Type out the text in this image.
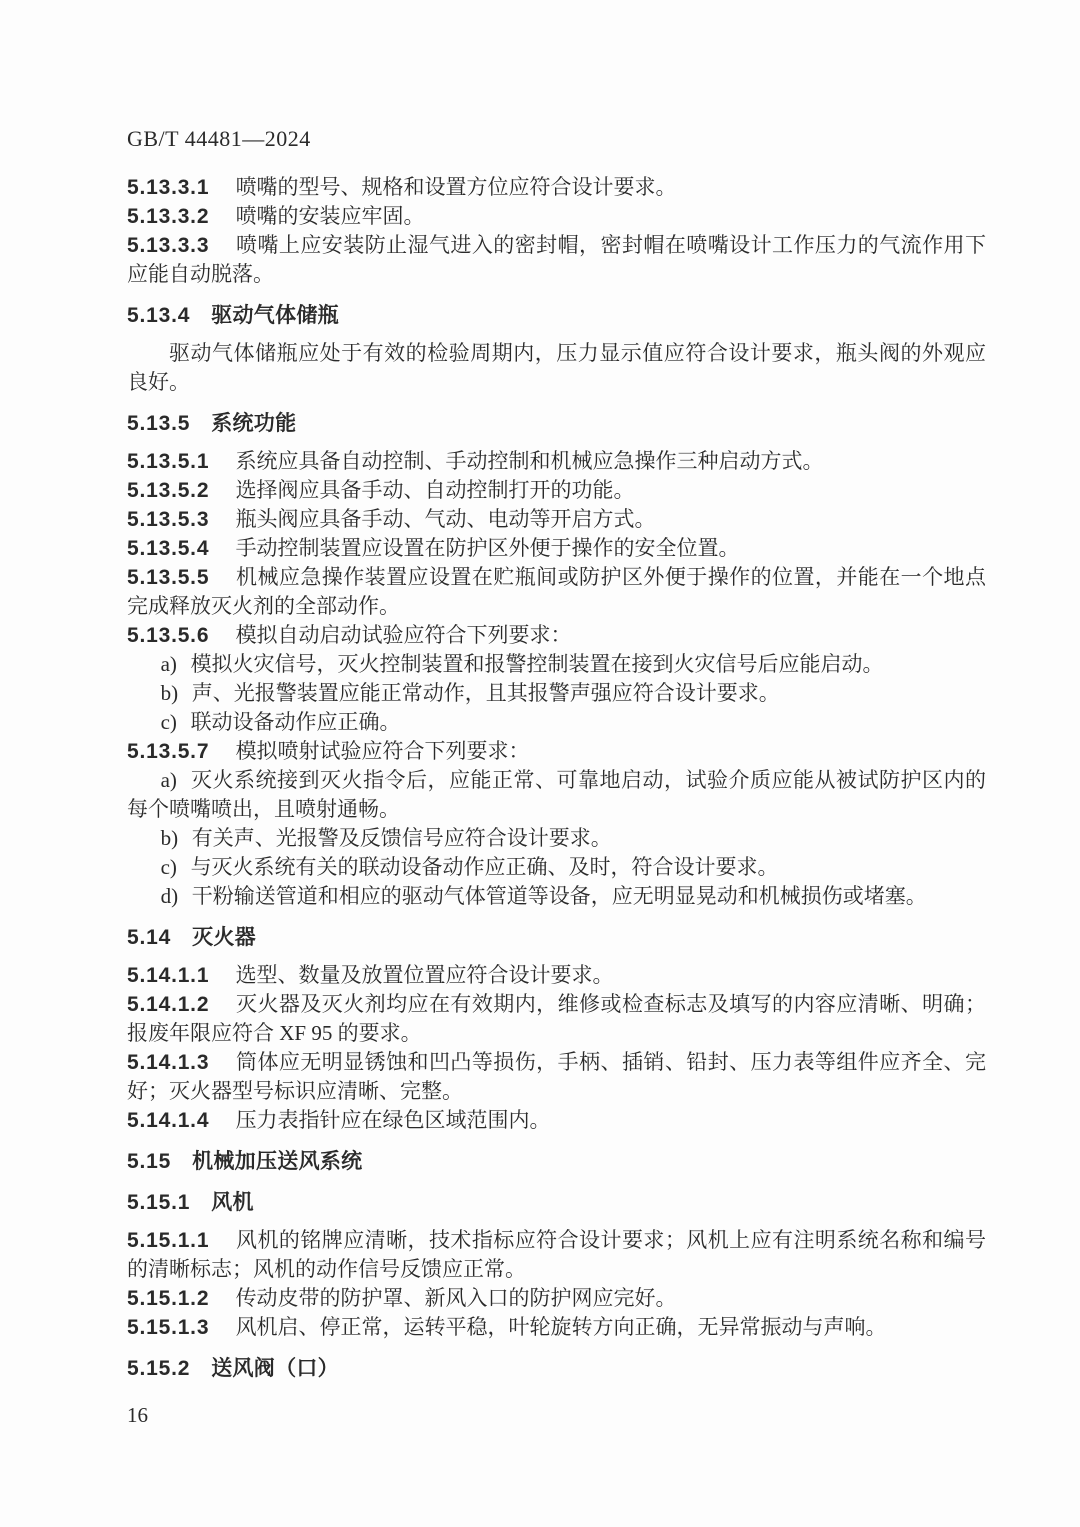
GB/T 44481—2024

5.13.3.1 喷嘴的型号、规格和设置方位应符合设计要求。

5.13.3.2 喷嘴的安装应牢固。

5.13.3.3 喷嘴上应安装防止湿气进入的密封帽，密封帽在喷嘴设计工作压力的气流作用下应能自动脱落。

5.13.4 驱动气体储瓶

驱动气体储瓶应处于有效的检验周期内，压力显示值应符合设计要求，瓶头阀的外观应良好。

5.13.5 系统功能

5.13.5.1 系统应具备自动控制、手动控制和机械应急操作三种启动方式。

5.13.5.2 选择阀应具备手动、自动控制打开的功能。

5.13.5.3 瓶头阀应具备手动、气动、电动等开启方式。

5.13.5.4 手动控制装置应设置在防护区外便于操作的安全位置。

5.13.5.5 机械应急操作装置应设置在贮瓶间或防护区外便于操作的位置，并能在一个地点完成释放灭火剂的全部动作。

5.13.5.6 模拟自动启动试验应符合下列要求：

a) 模拟火灾信号，灭火控制装置和报警控制装置在接到火灾信号后应能启动。

b) 声、光报警装置应能正常动作，且其报警声强应符合设计要求。

c) 联动设备动作应正确。

5.13.5.7 模拟喷射试验应符合下列要求：

a) 灭火系统接到灭火指令后，应能正常、可靠地启动，试验介质应能从被试防护区内的每个喷嘴喷出，且喷射通畅。

b) 有关声、光报警及反馈信号应符合设计要求。

c) 与灭火系统有关的联动设备动作应正确、及时，符合设计要求。

d) 干粉输送管道和相应的驱动气体管道等设备，应无明显晃动和机械损伤或堵塞。

5.14 灭火器

5.14.1.1 选型、数量及放置位置应符合设计要求。

5.14.1.2 灭火器及灭火剂均应在有效期内，维修或检查标志及填写的内容应清晰、明确；报废年限应符合 XF 95 的要求。

5.14.1.3 筒体应无明显锈蚀和凹凸等损伤，手柄、插销、铅封、压力表等组件应齐全、完好；灭火器型号标识应清晰、完整。

5.14.1.4 压力表指针应在绿色区域范围内。

5.15 机械加压送风系统

5.15.1 风机

5.15.1.1 风机的铭牌应清晰，技术指标应符合设计要求；风机上应有注明系统名称和编号的清晰标志；风机的动作信号反馈应正常。

5.15.1.2 传动皮带的防护罩、新风入口的防护网应完好。

5.15.1.3 风机启、停正常，运转平稳，叶轮旋转方向正确，无异常振动与声响。

5.15.2 送风阀（口）

16
